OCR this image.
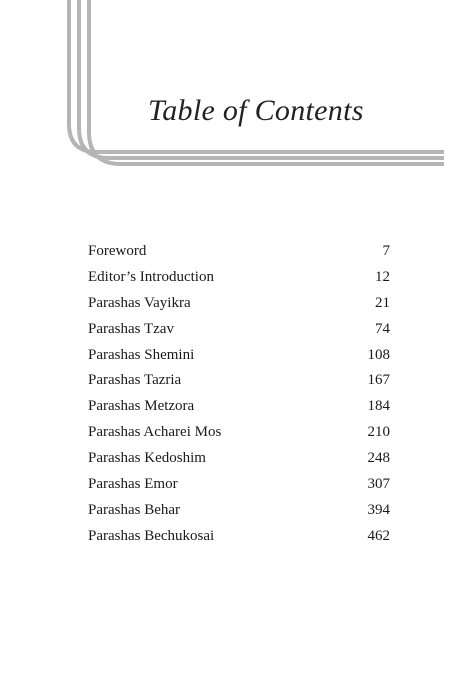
Table of Contents
Foreword	7
Editor’s Introduction	12
Parashas Vayikra	21
Parashas Tzav	74
Parashas Shemini	108
Parashas Tazria	167
Parashas Metzora	184
Parashas Acharei Mos	210
Parashas Kedoshim	248
Parashas Emor	307
Parashas Behar	394
Parashas Bechukosai	462
